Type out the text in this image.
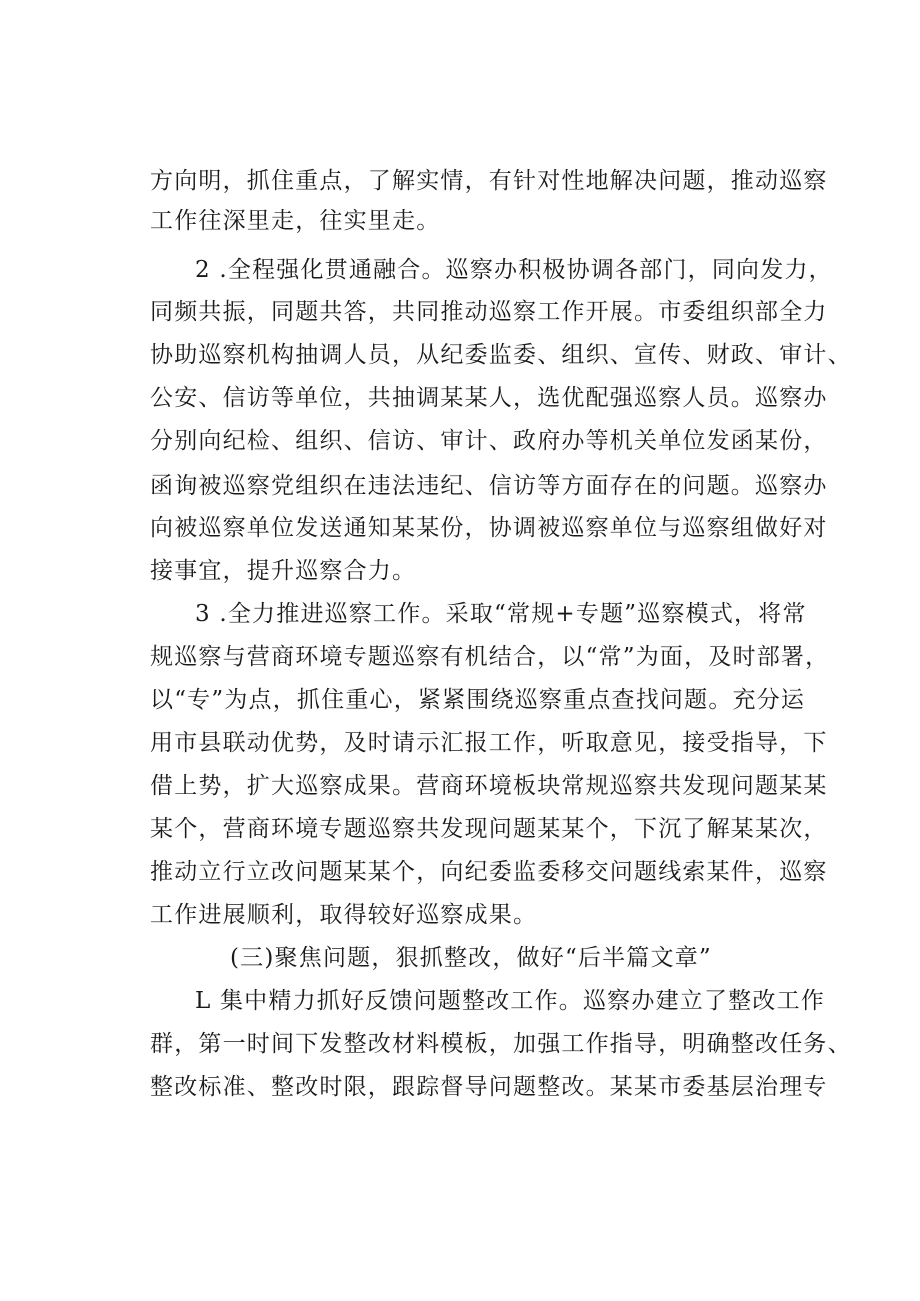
方向明，抓住重点，了解实情，有针对性地解决问题，推动巡察
工作往深里走，往实里走。
2 .全程强化贯通融合。巡察办积极协调各部门，同向发力，
同频共振，同题共答，共同推动巡察工作开展。市委组织部全力
协助巡察机构抽调人员，从纪委监委、组织、宣传、财政、审计、
公安、信访等单位，共抽调某某人，选优配强巡察人员。巡察办
分别向纪检、组织、信访、审计、政府办等机关单位发函某份，
函询被巡察党组织在违法违纪、信访等方面存在的问题。巡察办
向被巡察单位发送通知某某份，协调被巡察单位与巡察组做好对
接事宜，提升巡察合力。
3 .全力推进巡察工作。采取“常规+专题”巡察模式，将常
规巡察与营商环境专题巡察有机结合，以“常”为面，及时部署，
以“专”为点，抓住重心，紧紧围绕巡察重点查找问题。充分运
用市县联动优势，及时请示汇报工作，听取意见，接受指导，下
借上势，扩大巡察成果。营商环境板块常规巡察共发现问题某某
某个，营商环境专题巡察共发现问题某某个，下沉了解某某次，
推动立行立改问题某某个，向纪委监委移交问题线索某件，巡察
工作进展顺利，取得较好巡察成果。
(三)聚焦问题，狠抓整改，做好“后半篇文章”
L 集中精力抓好反馈问题整改工作。巡察办建立了整改工作
群，第一时间下发整改材料模板，加强工作指导，明确整改任务、
整改标准、整改时限，跟踪督导问题整改。某某市委基层治理专
